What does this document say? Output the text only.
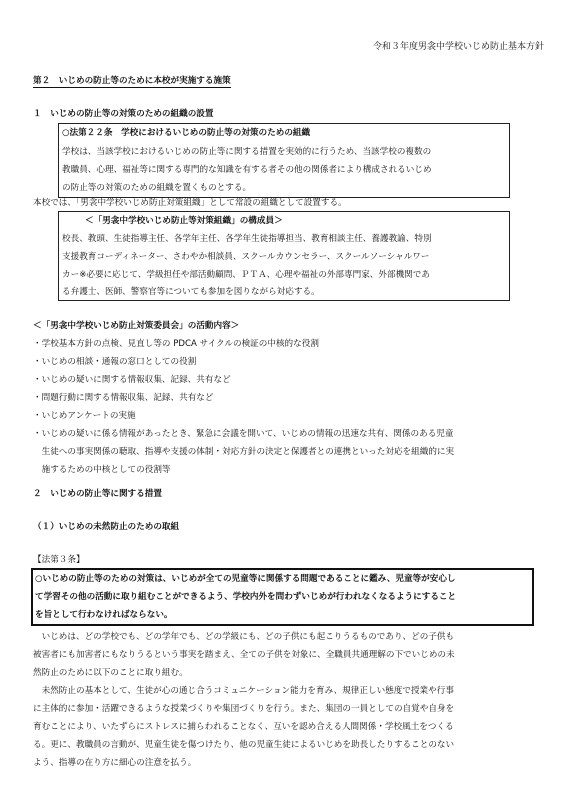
令和３年度男衾中学校いじめ防止基本方針
第２　いじめの防止等のために本校が実施する施策
１　いじめの防止等の対策のための組織の設置
○法第２２条　学校におけるいじめの防止等の対策のための組織
学校は、当該学校におけるいじめの防止等に関する措置を実効的に行うため、当該学校の複数の
教職員、心理、福祉等に関する専門的な知識を有する者その他の関係者により構成されるいじめ
の防止等の対策のための組織を置くものとする。
本校では、「男衾中学校いじめ防止対策組織」として常設の組織として設置する。
＜「男衾中学校いじめ防止等対策組織」の構成員＞
校長、教頭、生徒指導主任、各学年主任、各学年生徒指導担当、教育相談主任、養護教諭、特別
支援教育コーディネーター、さわやか相談員、スクールカウンセラー、スクールソーシャルワー
カー※必要に応じて、学級担任や部活動顧問、ＰＴＡ、心理や福祉の外部専門家、外部機関であ
る弁護士、医師、警察官等についても参加を図りながら対応する。
＜「男衾中学校いじめ防止対策委員会」の活動内容＞
・学校基本方針の点検、見直し等の PDCA サイクルの検証の中核的な役割
・いじめの相談・通報の窓口としての役割
・いじめの疑いに関する情報収集、記録、共有など
・問題行動に関する情報収集、記録、共有など
・いじめアンケートの実施
・いじめの疑いに係る情報があったとき、緊急に会議を開いて、いじめの情報の迅速な共有、関係のある児童
　生徒への事実関係の聴取、指導や支援の体制・対応方針の決定と保護者との連携といった対応を組織的に実
　施するための中核としての役割等
２　いじめの防止等に関する措置
（１）いじめの未然防止のための取組
【法第３条】
○いじめの防止等のための対策は、いじめが全ての児童等に関係する問題であることに鑑み、児童等が安心し
て学習その他の活動に取り組むことができるよう、学校内外を問わずいじめが行われなくなるようにすること
を旨として行わなければならない。
　いじめは、どの学校でも、どの学年でも、どの学級にも、どの子供にも起こりうるものであり、どの子供も
被害者にも加害者にもなりうるという事実を踏まえ、全ての子供を対象に、全職員共通理解の下でいじめの未
然防止のために以下のことに取り組む。
　未然防止の基本として、生徒が心の通じ合うコミュニケーション能力を育み、規律正しい態度で授業や行事
に主体的に参加・活躍できるような授業づくりや集団づくりを行う。また、集団の一員としての自覚や自身を
育むことにより、いたずらにストレスに捕らわれることなく、互いを認め合える人間関係・学校風土をつくる
る。更に、教職員の言動が、児童生徒を傷つけたり、他の児童生徒によるいじめを助長したりすることのない
よう、指導の在り方に細心の注意を払う。
